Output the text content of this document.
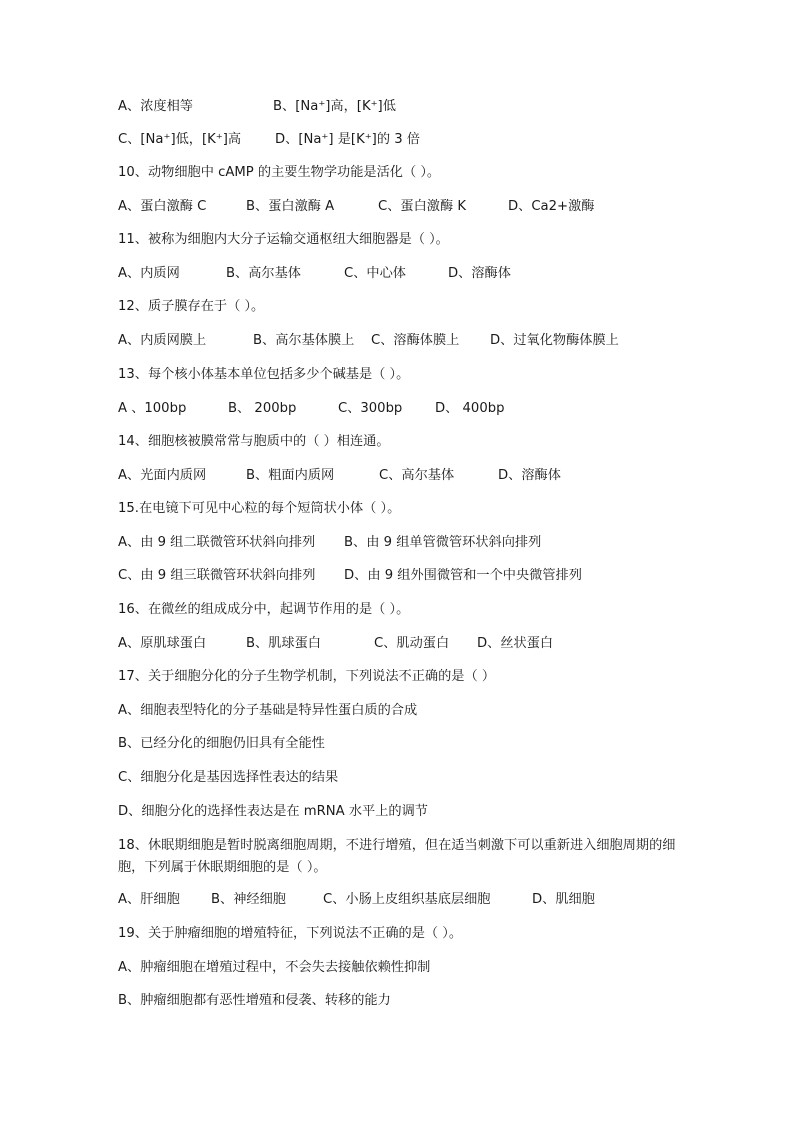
A、浓度相等	B、[Na⁺]高，[K⁺]低
C、[Na⁺]低，[K⁺]高	D、[Na⁺] 是[K⁺]的 3 倍
10、动物细胞中 cAMP 的主要生物学功能是活化（ ）。
A、蛋白激酶 C	B、蛋白激酶 A	C、蛋白激酶 K	D、Ca2+激酶
11、被称为细胞内大分子运输交通枢纽大细胞器是（ ）。
A、内质网	B、高尔基体	C、中心体	D、溶酶体
12、质子膜存在于（ ）。
A、内质网膜上	B、高尔基体膜上 C、溶酶体膜上 D、过氧化物酶体膜上
13、每个核小体基本单位包括多少个碱基是（ ）。
A 、100bp	B、 200bp	C、300bp D、 400bp
14、细胞核被膜常常与胞质中的（ ）相连通。
A、光面内质网	B、粗面内质网	C、高尔基体	D、溶酶体
15.在电镜下可见中心粒的每个短筒状小体（ ）。
A、由 9 组二联微管环状斜向排列 B、由 9 组单管微管环状斜向排列
C、由 9 组三联微管环状斜向排列 D、由 9 组外围微管和一个中央微管排列
16、在微丝的组成成分中，起调节作用的是（ ）。
A、原肌球蛋白	B、肌球蛋白	C、肌动蛋白 D、丝状蛋白
17、关于细胞分化的分子生物学机制，下列说法不正确的是（ ）
A、细胞表型特化的分子基础是特异性蛋白质的合成
B、已经分化的细胞仍旧具有全能性
C、细胞分化是基因选择性表达的结果
D、细胞分化的选择性表达是在 mRNA 水平上的调节
18、休眠期细胞是暂时脱离细胞周期，不进行增殖，但在适当刺激下可以重新进入细胞周期的细胞，下列属于休眠期细胞的是（ ）。
A、肝细胞 B、神经细胞	C、小肠上皮组织基底层细胞	D、肌细胞
19、关于肿瘤细胞的增殖特征，下列说法不正确的是（ ）。
A、肿瘤细胞在增殖过程中，不会失去接触依赖性抑制
B、肿瘤细胞都有恶性增殖和侵袭、转移的能力
